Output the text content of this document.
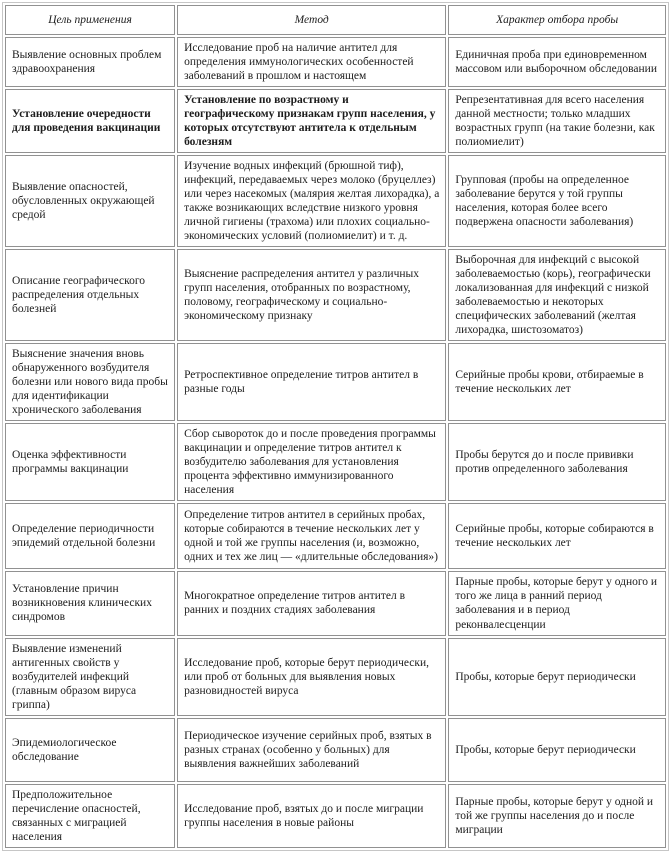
Цель применения	Метод	Характер отбора пробы
Выявление основных проблем здравоохранения	Исследование проб на наличие антител для определения иммунологических особенностей заболеваний в прошлом и настоящем	Единичная проба при единовременном массовом или выборочном обследовании
Установление очередности для проведения вакцинации	Установление по возрастному и географическому признакам групп населения, у которых отсутствуют антитела к отдельным болезням	Репрезентативная для всего населения данной местности; только младших возрастных групп (на такие болезни, как полиомиелит)
Выявление опасностей, обусловленных окружающей средой	Изучение водных инфекций (брюшной тиф), инфекций, передаваемых через молоко (бруцеллез) или через насекомых (малярия желтая лихорадка), а также возникающих вследствие низкого уровня личной гигиены (трахома) или плохих социально-экономических условий (полиомиелит) и т. д.	Групповая (пробы на определенное заболевание берутся у той группы населения, которая более всего подвержена опасности заболевания)
Описание географического распределения отдельных болезней	Выяснение распределения антител у различных групп населения, отобранных по возрастному, половому, географическому и социально-экономическому признаку	Выборочная для инфекций с высокой заболеваемостью (корь), географически локализованная для инфекций с низкой заболеваемостью и некоторых специфических заболеваний (желтая лихорадка, шистозоматоз)
Выяснение значения вновь обнаруженного возбудителя болезни или нового вида пробы для идентификации хронического заболевания	Ретроспективное определение титров антител в разные годы	Серийные пробы крови, отбираемые в течение нескольких лет
Оценка эффективности программы вакцинации	Сбор сывороток до и после проведения программы вакцинации и определение титров антител к возбудителю заболевания для установления процента эффективно иммунизированного населения	Пробы берутся до и после прививки против определенного заболевания
Определение периодичности эпидемий отдельной болезни	Определение титров антител в серийных пробах, которые собираются в течение нескольких лет у одной и той же группы населения (и, возможно, одних и тех же лиц — «длительные обследования»)	Серийные пробы, которые собираются в течение нескольких лет
Установление причин возникновения клинических синдромов	Многократное определение титров антител в ранних и поздних стадиях заболевания	Парные пробы, которые берут у одного и того же лица в ранний период заболевания и в период реконвалесценции
Выявление изменений антигенных свойств у возбудителей инфекций (главным образом вируса гриппа)	Исследование проб, которые берут периодически, или проб от больных для выявления новых разновидностей вируса	Пробы, которые берут периодически
Эпидемиологическое обследование	Периодическое изучение серийных проб, взятых в разных странах (особенно у больных) для выявления важнейших заболеваний	Пробы, которые берут периодически
Предположительное перечисление опасностей, связанных с миграцией населения	Исследование проб, взятых до и после миграции группы населения в новые районы	Парные пробы, которые берут у одной и той же группы населения до и после миграции
